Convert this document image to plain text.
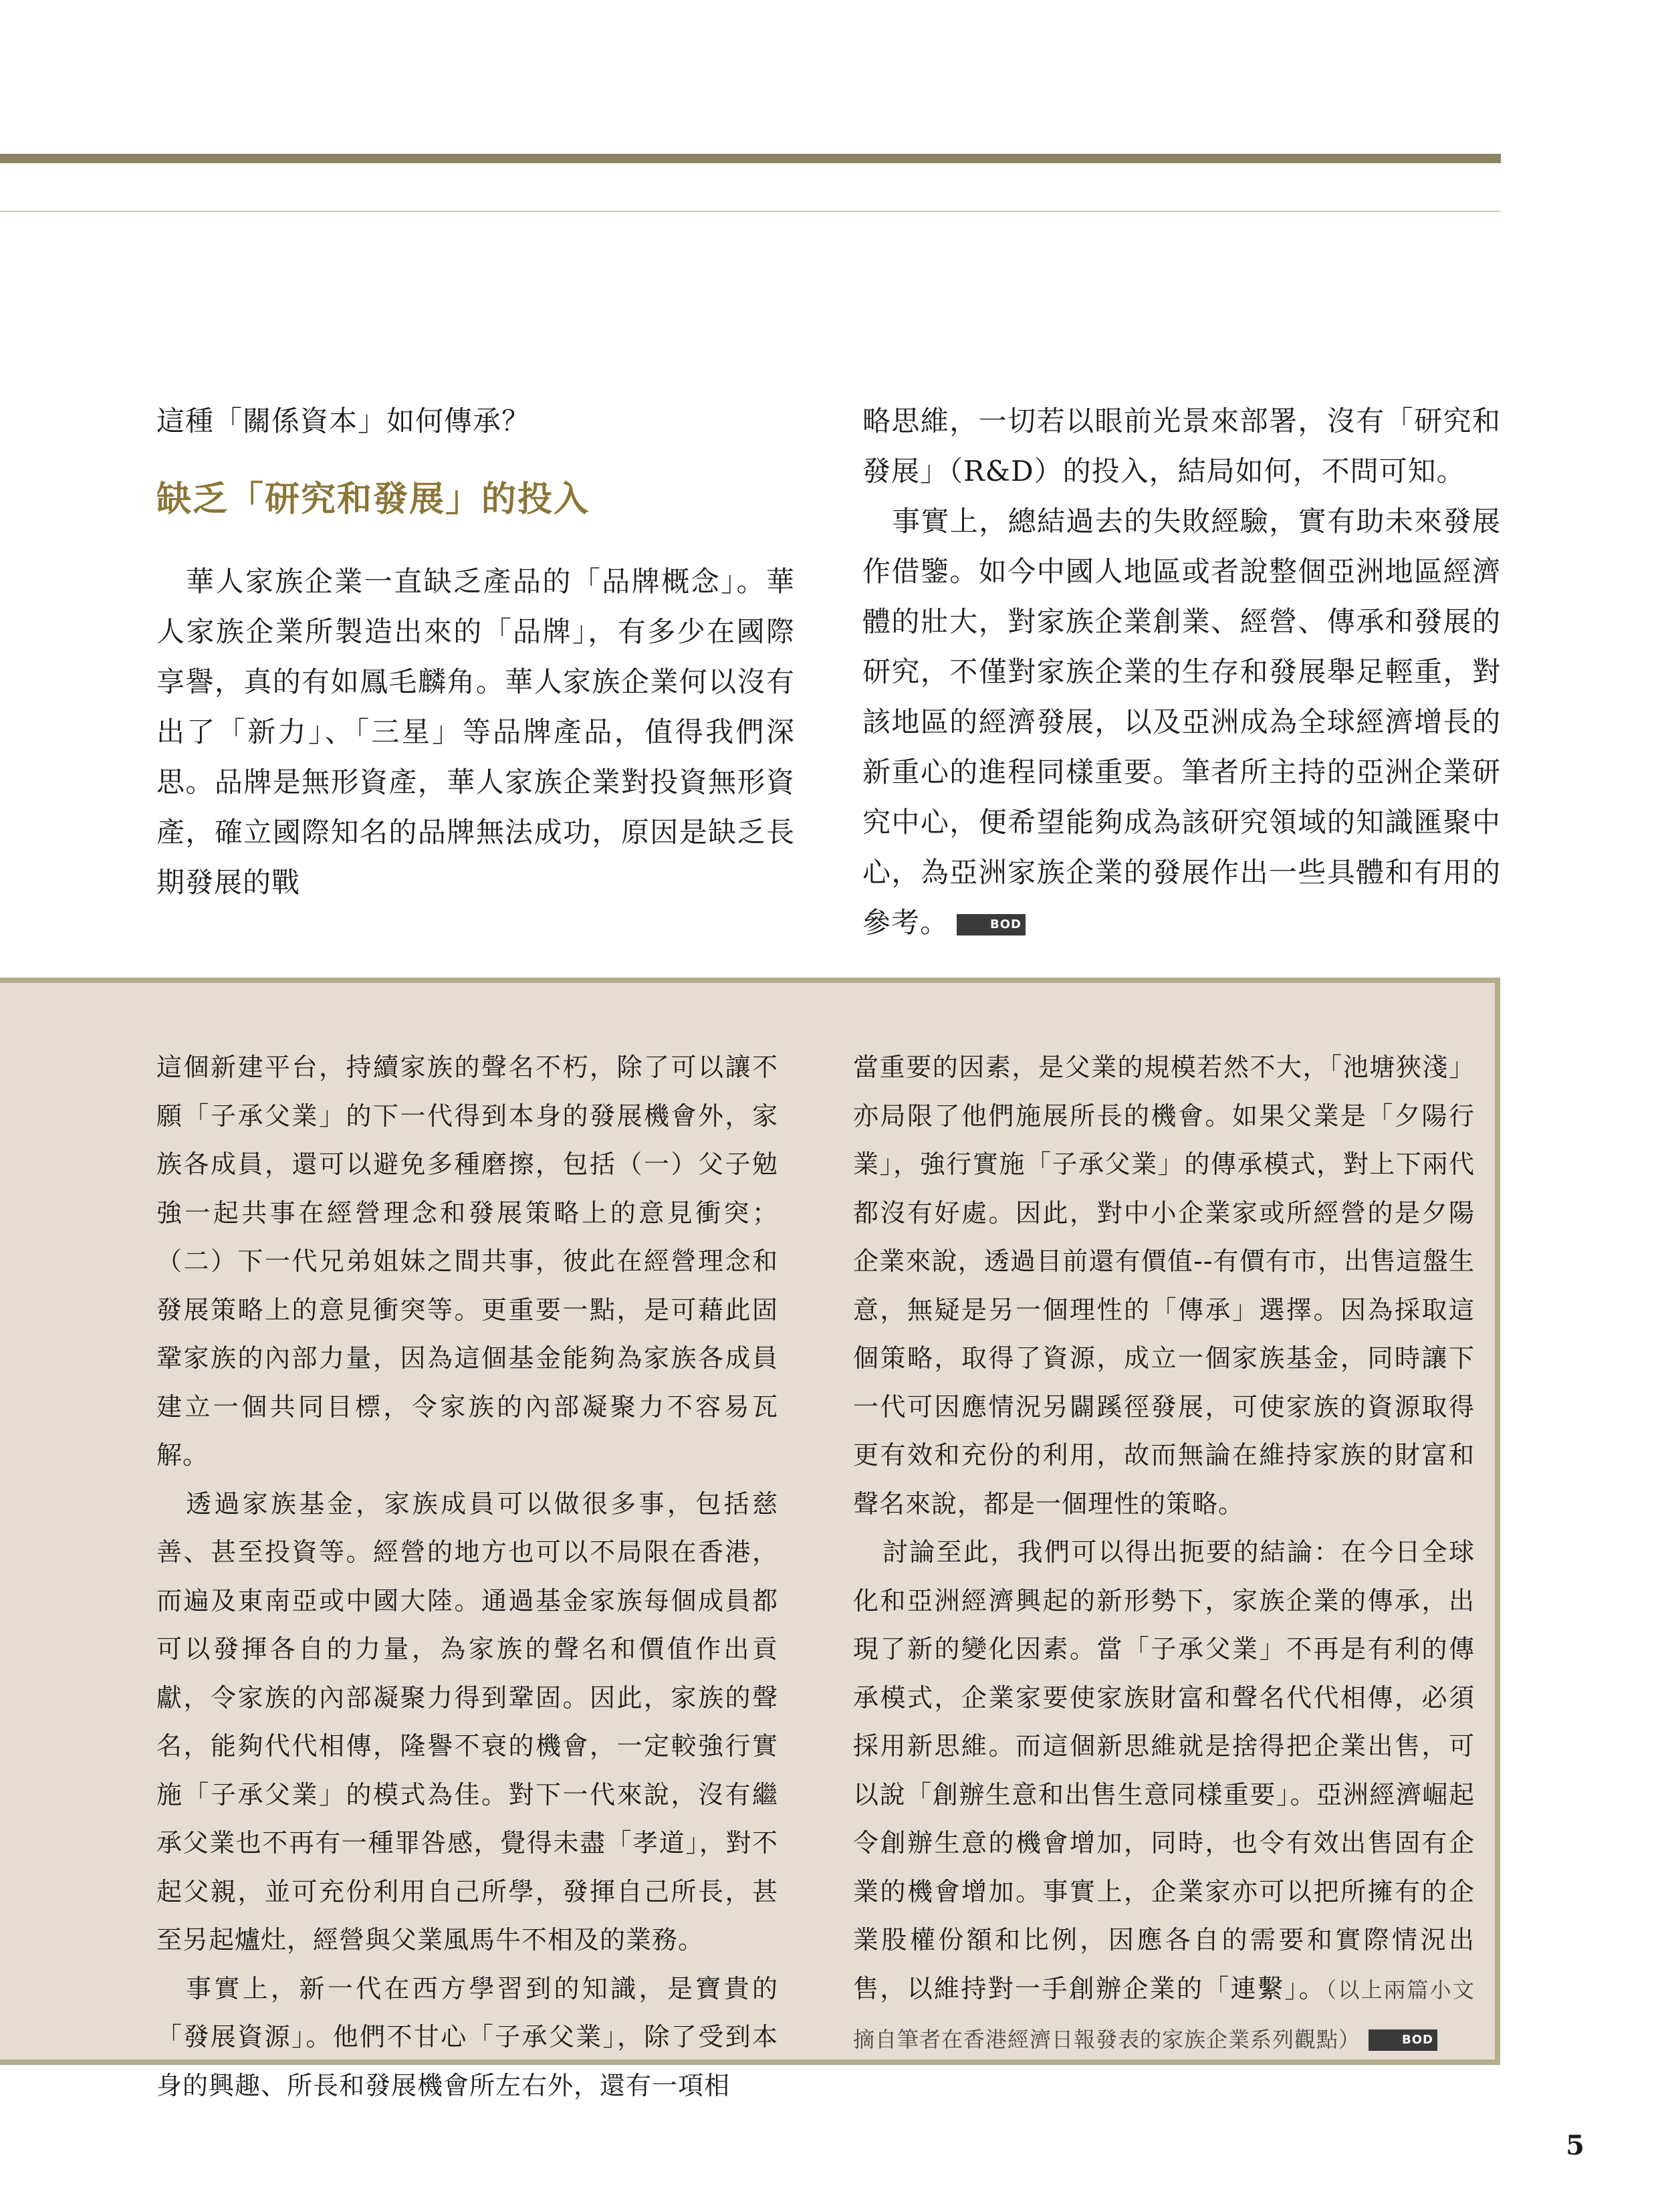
這種「關係資本」如何傳承？

缺乏「研究和發展」的投入

華人家族企業一直缺乏產品的「品牌概念」。華人家族企業所製造出來的「品牌」，有多少在國際享譽，真的有如鳳毛麟角。華人家族企業何以沒有出了「新力」、「三星」等品牌產品，值得我們深思。品牌是無形資產，華人家族企業對投資無形資產，確立國際知名的品牌無法成功，原因是缺乏長期發展的戰

略思維，一切若以眼前光景來部署，沒有「研究和發展」（R&D）的投入，結局如何，不問可知。

事實上，總結過去的失敗經驗，實有助未來發展作借鑒。如今中國人地區或者說整個亞洲地區經濟體的壯大，對家族企業創業、經營、傳承和發展的研究，不僅對家族企業的生存和發展舉足輕重，對該地區的經濟發展，以及亞洲成為全球經濟增長的新重心的進程同樣重要。筆者所主持的亞洲企業研究中心，便希望能夠成為該研究領域的知識匯聚中心，為亞洲家族企業的發展作出一些具體和有用的參考。	BOD

這個新建平台，持續家族的聲名不朽，除了可以讓不願「子承父業」的下一代得到本身的發展機會外，家族各成員，還可以避免多種磨擦，包括（一）父子勉強一起共事在經營理念和發展策略上的意見衝突；（二）下一代兄弟姐妹之間共事，彼此在經營理念和發展策略上的意見衝突等。更重要一點，是可藉此固鞏家族的內部力量，因為這個基金能夠為家族各成員建立一個共同目標，令家族的內部凝聚力不容易瓦解。

透過家族基金，家族成員可以做很多事，包括慈善、甚至投資等。經營的地方也可以不局限在香港，而遍及東南亞或中國大陸。通過基金家族每個成員都可以發揮各自的力量，為家族的聲名和價值作出貢獻，令家族的內部凝聚力得到鞏固。因此，家族的聲名，能夠代代相傳，隆譽不衰的機會，一定較強行實施「子承父業」的模式為佳。對下一代來說，沒有繼承父業也不再有一種罪咎感，覺得未盡「孝道」，對不起父親，並可充份利用自己所學，發揮自己所長，甚至另起爐灶，經營與父業風馬牛不相及的業務。

事實上，新一代在西方學習到的知識，是寶貴的「發展資源」。他們不甘心「子承父業」，除了受到本身的興趣、所長和發展機會所左右外，還有一項相

當重要的因素，是父業的規模若然不大，「池塘狹淺」亦局限了他們施展所長的機會。如果父業是「夕陽行業」，強行實施「子承父業」的傳承模式，對上下兩代都沒有好處。因此，對中小企業家或所經營的是夕陽企業來說，透過目前還有價值--有價有市，出售這盤生意，無疑是另一個理性的「傳承」選擇。因為採取這個策略，取得了資源，成立一個家族基金，同時讓下一代可因應情況另闢蹊徑發展，可使家族的資源取得更有效和充份的利用，故而無論在維持家族的財富和聲名來說，都是一個理性的策略。

討論至此，我們可以得出扼要的結論：在今日全球化和亞洲經濟興起的新形勢下，家族企業的傳承，出現了新的變化因素。當「子承父業」不再是有利的傳承模式，企業家要使家族財富和聲名代代相傳，必須採用新思維。而這個新思維就是捨得把企業出售，可以說「創辦生意和出售生意同樣重要」。亞洲經濟崛起令創辦生意的機會增加，同時，也令有效出售固有企業的機會增加。事實上，企業家亦可以把所擁有的企業股權份額和比例，因應各自的需要和實際情況出售，以維持對一手創辦企業的「連繫」。（以上兩篇小文摘自筆者在香港經濟日報發表的家族企業系列觀點）	BOD

5
